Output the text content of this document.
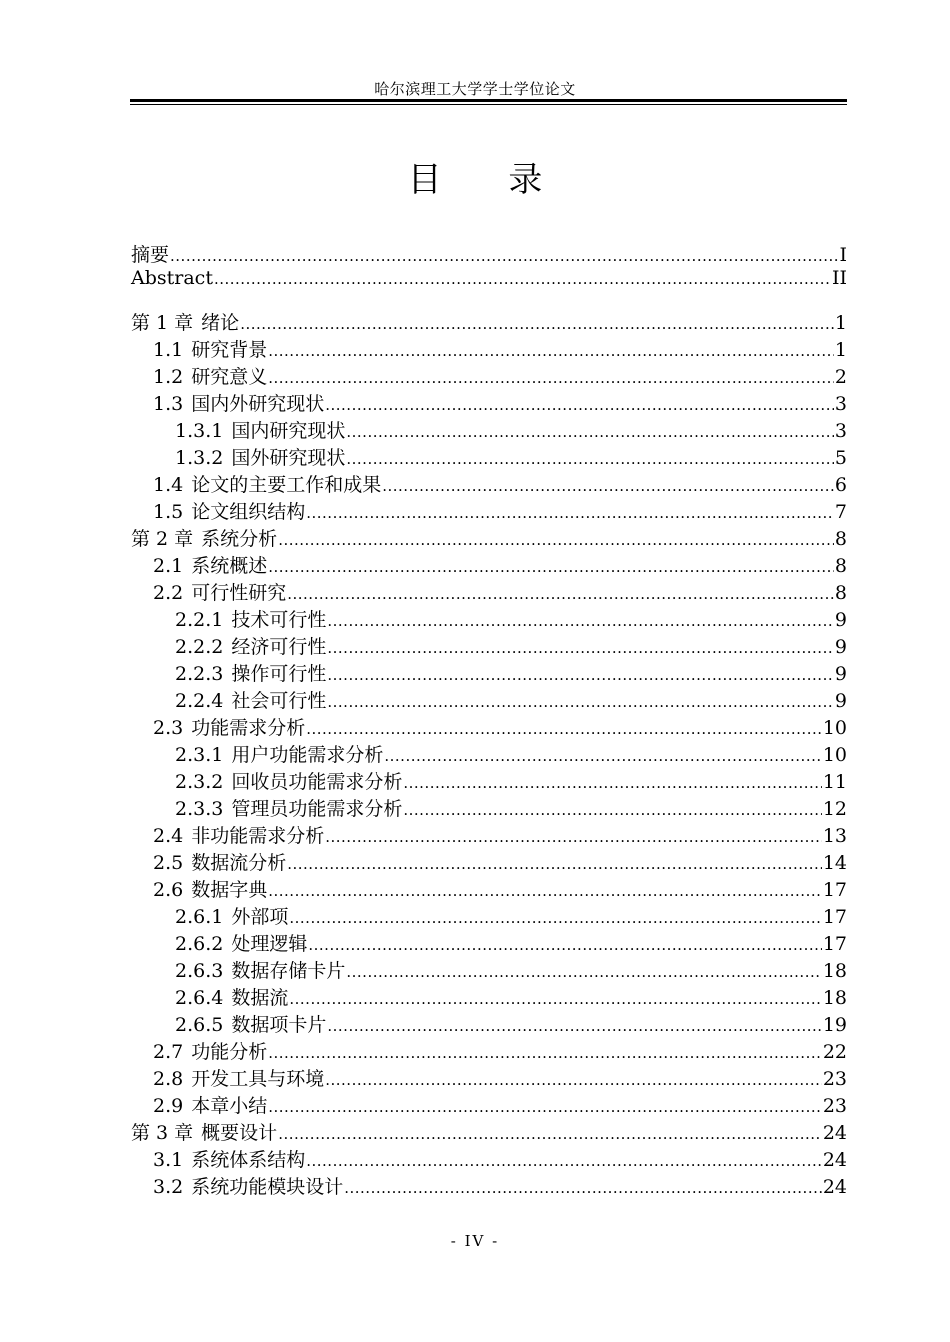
哈尔滨理工大学学士学位论文
目 录
摘要 .....	I
Abstract .....	II
第 1 章 绪论 .....	1
1.1 研究背景 .....	1
1.2 研究意义 .....	2
1.3 国内外研究现状 .....	3
1.3.1 国内研究现状 .....	3
1.3.2 国外研究现状 .....	5
1.4 论文的主要工作和成果 .....	6
1.5 论文组织结构 .....	7
第 2 章 系统分析 .....	8
2.1 系统概述 .....	8
2.2 可行性研究 .....	8
2.2.1 技术可行性 .....	9
2.2.2 经济可行性 .....	9
2.2.3 操作可行性 .....	9
2.2.4 社会可行性 .....	9
2.3 功能需求分析 .....	10
2.3.1 用户功能需求分析 .....	10
2.3.2 回收员功能需求分析 .....	11
2.3.3 管理员功能需求分析 .....	12
2.4 非功能需求分析 .....	13
2.5 数据流分析 .....	14
2.6 数据字典 .....	17
2.6.1 外部项 .....	17
2.6.2 处理逻辑 .....	17
2.6.3 数据存储卡片 .....	18
2.6.4 数据流 .....	18
2.6.5 数据项卡片 .....	19
2.7 功能分析 .....	22
2.8 开发工具与环境 .....	23
2.9 本章小结 .....	23
第 3 章 概要设计 .....	24
3.1 系统体系结构 .....	24
3.2 系统功能模块设计 .....	24
- IV -
